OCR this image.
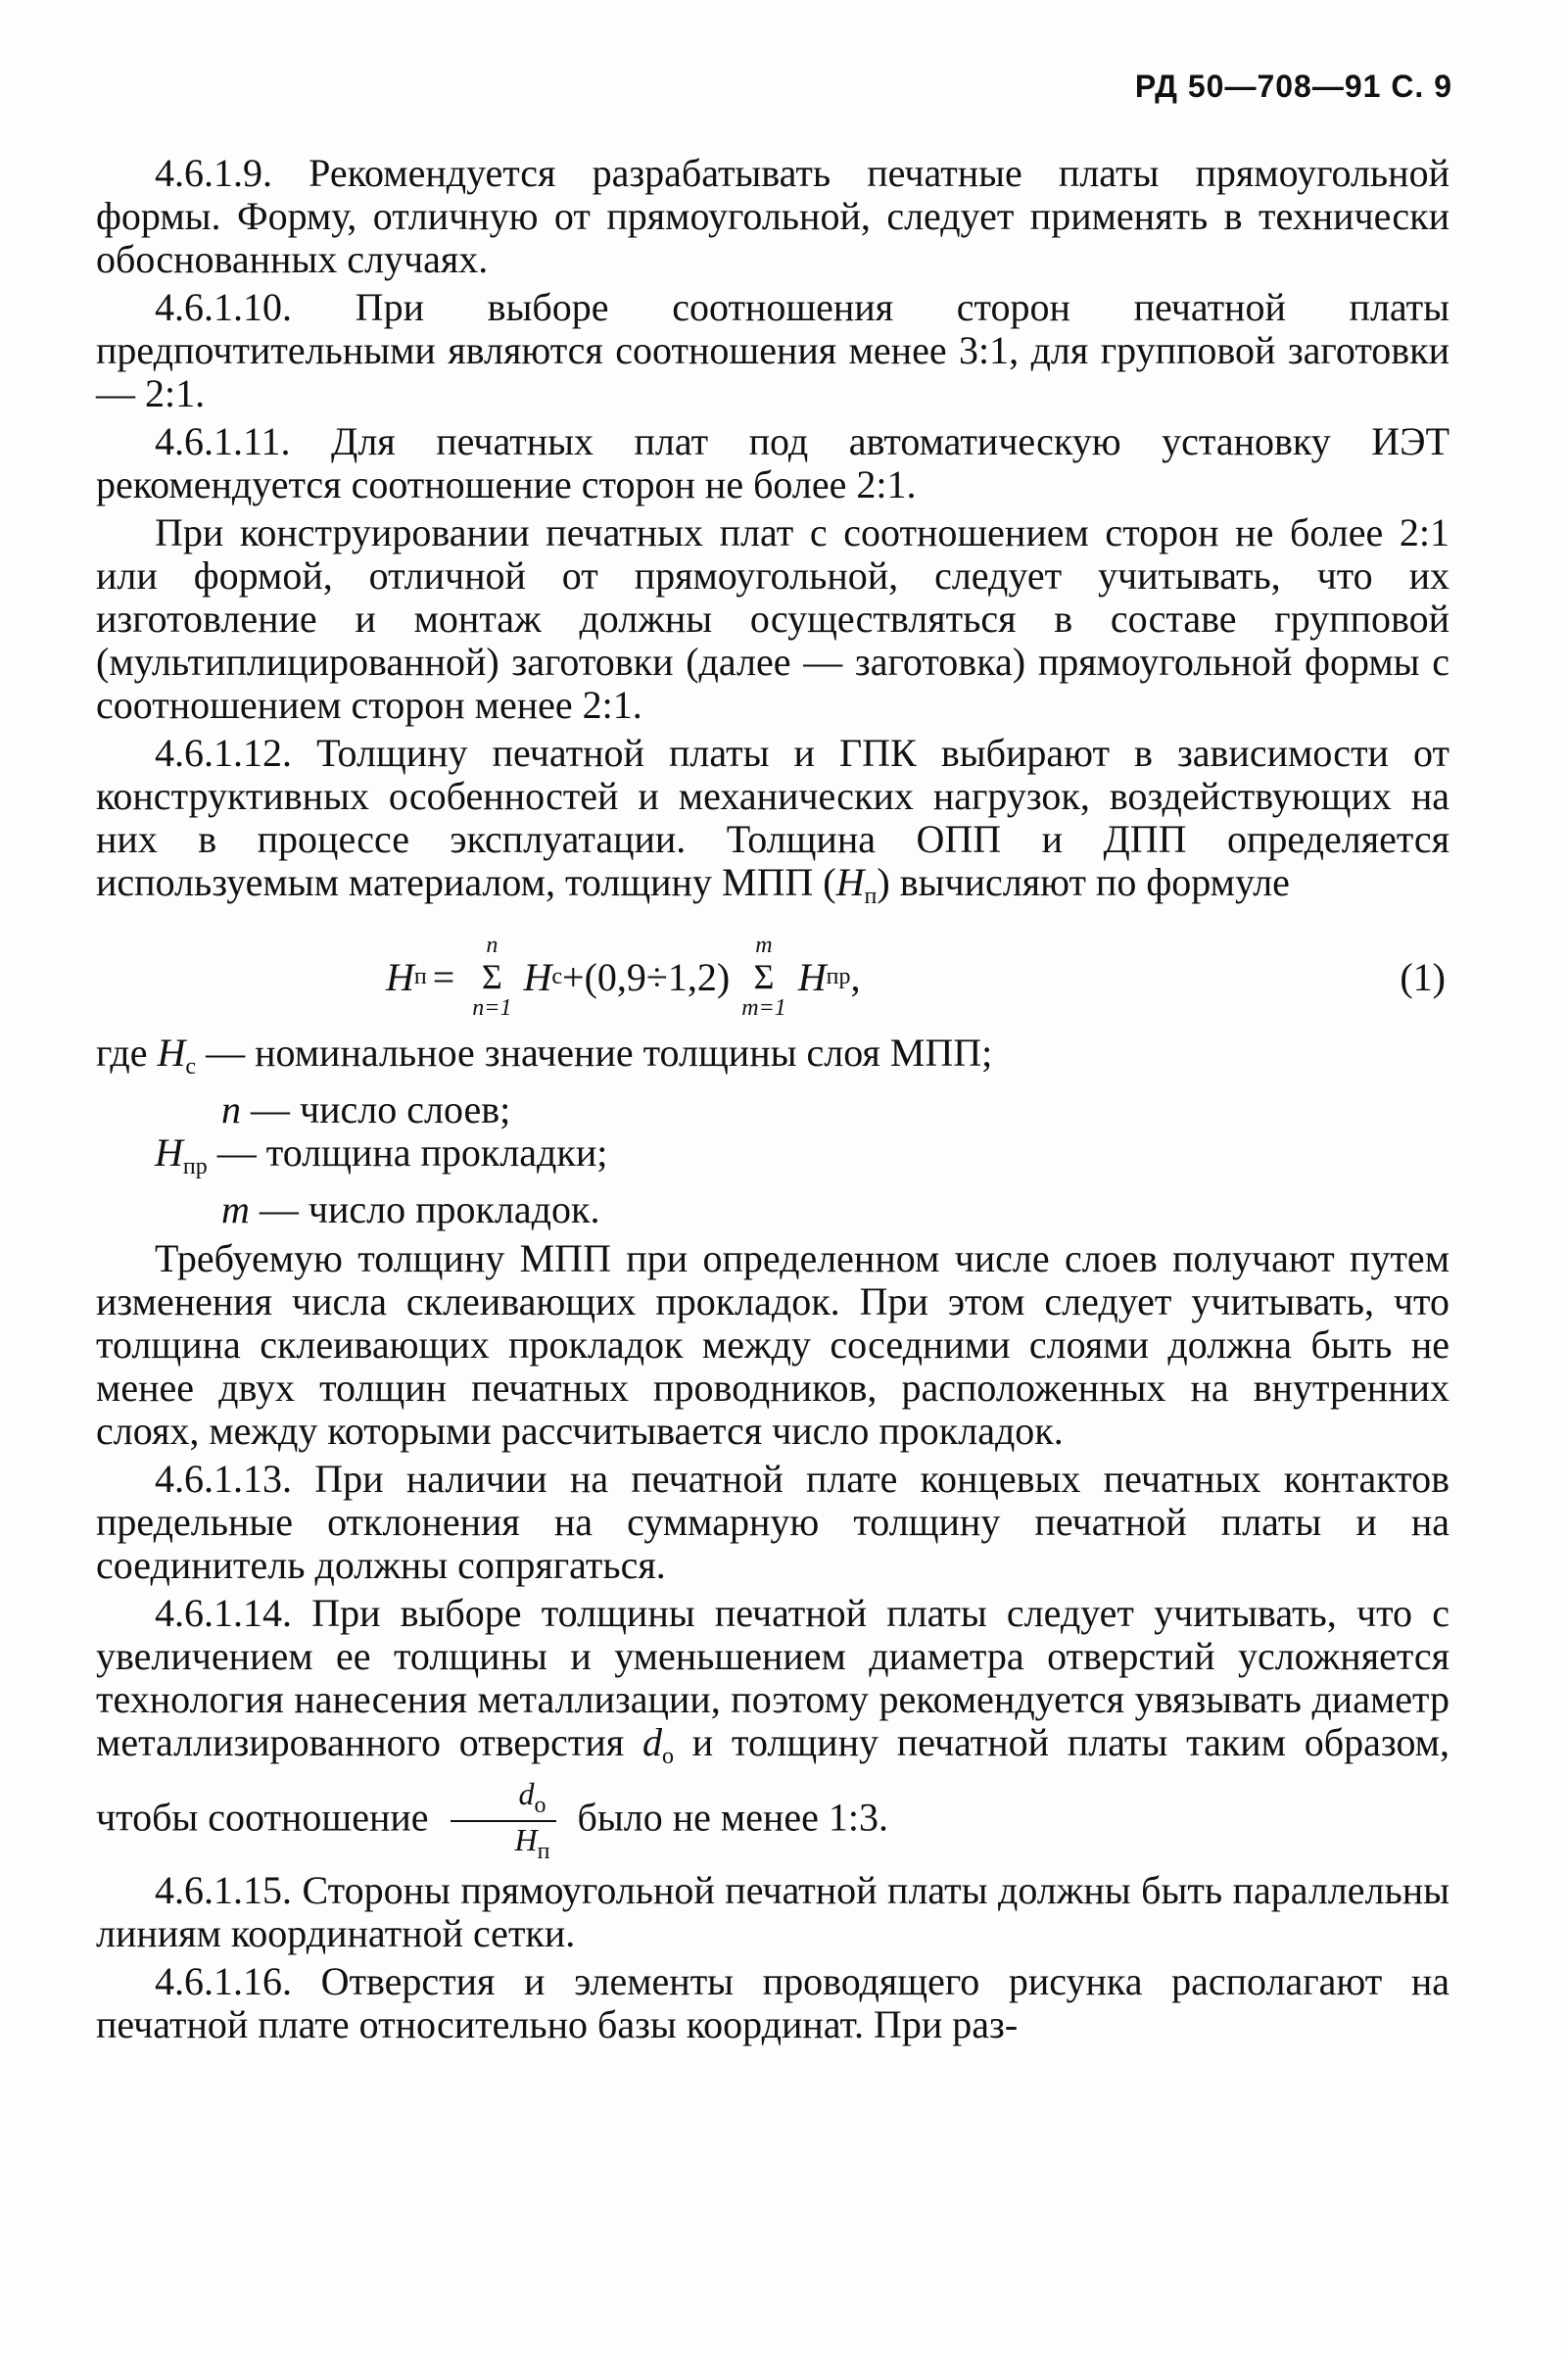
РД 50—708—91 С. 9

4.6.1.9. Рекомендуется разрабатывать печатные платы прямоугольной формы. Форму, отличную от прямоугольной, следует применять в технически обоснованных случаях.

4.6.1.10. При выборе соотношения сторон печатной платы предпочтительными являются соотношения менее 3:1, для групповой заготовки — 2:1.

4.6.1.11. Для печатных плат под автоматическую установку ИЭТ рекомендуется соотношение сторон не более 2:1.

При конструировании печатных плат с соотношением сторон не более 2:1 или формой, отличной от прямоугольной, следует учитывать, что их изготовление и монтаж должны осуществляться в составе групповой (мультиплицированной) заготовки (далее — заготовка) прямоугольной формы с соотношением сторон менее 2:1.

4.6.1.12. Толщину печатной платы и ГПК выбирают в зависимости от конструктивных особенностей и механических нагрузок, воздействующих на них в процессе эксплуатации. Толщина ОПП и ДПП определяется используемым материалом, толщину МПП $(H_п)$ вычисляют по формуле

H п =
n
Σ
n=1
H с +(0,9÷1,2)
m
Σ
m=1
H пр ,	(1)
где $H_с$ — номинальное значение толщины слоя МПП;
n — число слоев;
$H_{пр}$ — толщина прокладки;
m — число прокладок.

Требуемую толщину МПП при определенном числе слоев получают путем изменения числа склеивающих прокладок. При этом следует учитывать, что толщина склеивающих прокладок между соседними слоями должна быть не менее двух толщин печатных проводников, расположенных на внутренних слоях, между которыми рассчитывается число прокладок.

4.6.1.13. При наличии на печатной плате концевых печатных контактов предельные отклонения на суммарную толщину печатной платы и на соединитель должны сопрягаться.

4.6.1.14. При выборе толщины печатной платы следует учитывать, что с увеличением ее толщины и уменьшением диаметра отверстий усложняется технология нанесения металлизации, поэтому рекомендуется увязывать диаметр металлизированного отверстия $d_o$ и толщину печатной платы таким образом, чтобы соотношение $\frac{d_о}{H_п}$ было не менее 1:3.

4.6.1.15. Стороны прямоугольной печатной платы должны быть параллельны линиям координатной сетки.

4.6.1.16. Отверстия и элементы проводящего рисунка располагают на печатной плате относительно базы координат. При раз-
